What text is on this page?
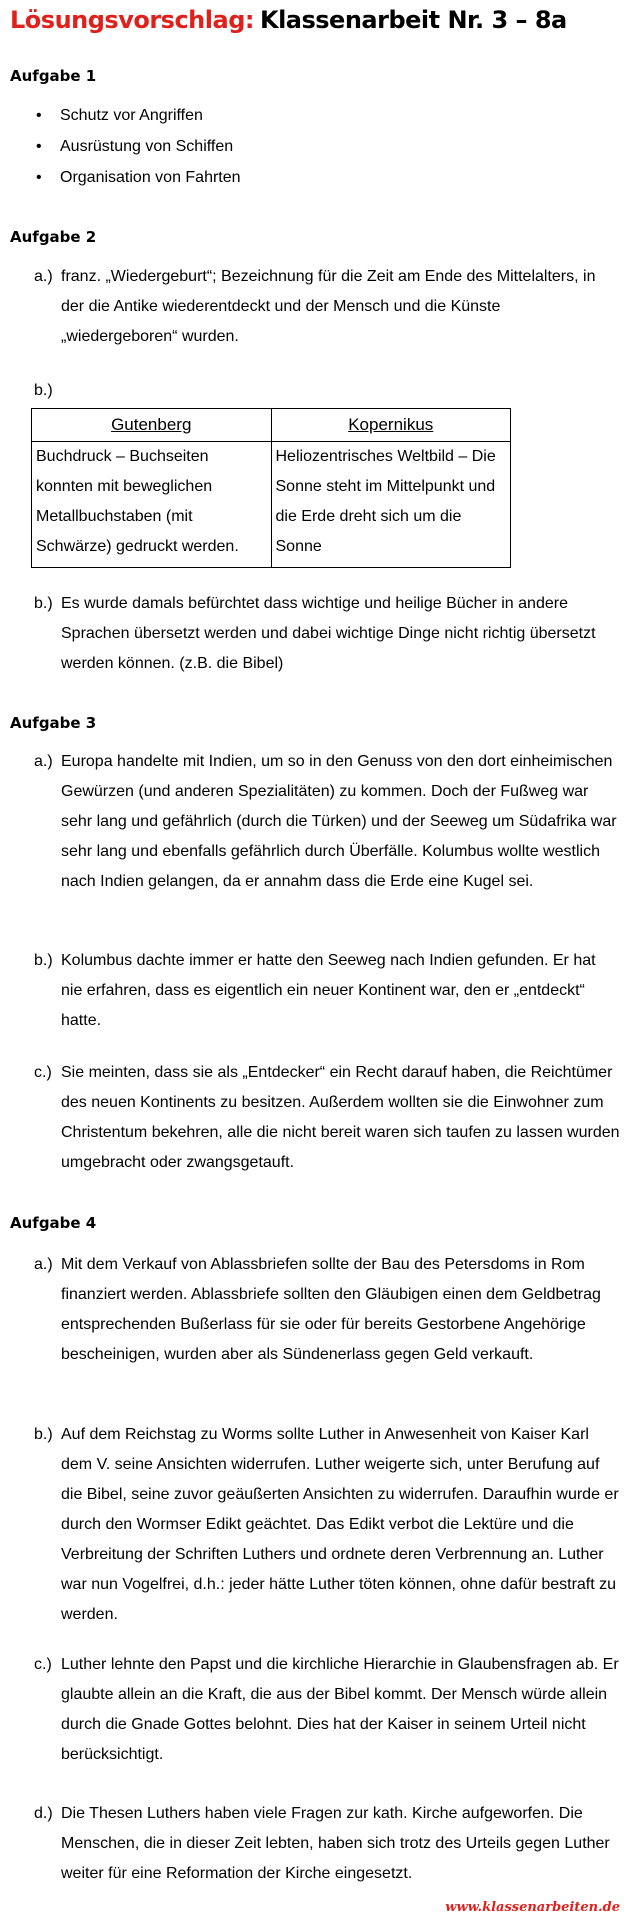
Lösungsvorschlag: Klassenarbeit Nr. 3 – 8a
Aufgabe 1
• Schutz vor Angriffen
• Ausrüstung von Schiffen
• Organisation von Fahrten
Aufgabe 2
a.) franz. „Wiedergeburt“; Bezeichnung für die Zeit am Ende des Mittelalters, in der die Antike wiederentdeckt und der Mensch und die Künste „wiedergeboren“ wurden.
b.)
Gutenberg	Kopernikus
Buchdruck – Buchseiten konnten mit beweglichen Metallbuchstaben (mit Schwärze) gedruckt werden.	Heliozentrisches Weltbild – Die Sonne steht im Mittelpunkt und die Erde dreht sich um die Sonne
b.) Es wurde damals befürchtet dass wichtige und heilige Bücher in andere Sprachen übersetzt werden und dabei wichtige Dinge nicht richtig übersetzt werden können. (z.B. die Bibel)
Aufgabe 3
a.) Europa handelte mit Indien, um so in den Genuss von den dort einheimischen Gewürzen (und anderen Spezialitäten) zu kommen. Doch der Fußweg war sehr lang und gefährlich (durch die Türken) und der Seeweg um Südafrika war sehr lang und ebenfalls gefährlich durch Überfälle. Kolumbus wollte westlich nach Indien gelangen, da er annahm dass die Erde eine Kugel sei.
b.) Kolumbus dachte immer er hatte den Seeweg nach Indien gefunden. Er hat nie erfahren, dass es eigentlich ein neuer Kontinent war, den er „entdeckt“ hatte.
c.) Sie meinten, dass sie als „Entdecker“ ein Recht darauf haben, die Reichtümer des neuen Kontinents zu besitzen. Außerdem wollten sie die Einwohner zum Christentum bekehren, alle die nicht bereit waren sich taufen zu lassen wurden umgebracht oder zwangsgetauft.
Aufgabe 4
a.) Mit dem Verkauf von Ablassbriefen sollte der Bau des Petersdoms in Rom finanziert werden. Ablassbriefe sollten den Gläubigen einen dem Geldbetrag entsprechenden Bußerlass für sie oder für bereits Gestorbene Angehörige bescheinigen, wurden aber als Sündenerlass gegen Geld verkauft.
b.) Auf dem Reichstag zu Worms sollte Luther in Anwesenheit von Kaiser Karl dem V. seine Ansichten widerrufen. Luther weigerte sich, unter Berufung auf die Bibel, seine zuvor geäußerten Ansichten zu widerrufen. Daraufhin wurde er durch den Wormser Edikt geächtet. Das Edikt verbot die Lektüre und die Verbreitung der Schriften Luthers und ordnete deren Verbrennung an. Luther war nun Vogelfrei, d.h.: jeder hätte Luther töten können, ohne dafür bestraft zu werden.
c.) Luther lehnte den Papst und die kirchliche Hierarchie in Glaubensfragen ab. Er glaubte allein an die Kraft, die aus der Bibel kommt. Der Mensch würde allein durch die Gnade Gottes belohnt. Dies hat der Kaiser in seinem Urteil nicht berücksichtigt.
d.) Die Thesen Luthers haben viele Fragen zur kath. Kirche aufgeworfen. Die Menschen, die in dieser Zeit lebten, haben sich trotz des Urteils gegen Luther weiter für eine Reformation der Kirche eingesetzt.
www.klassenarbeiten.de
